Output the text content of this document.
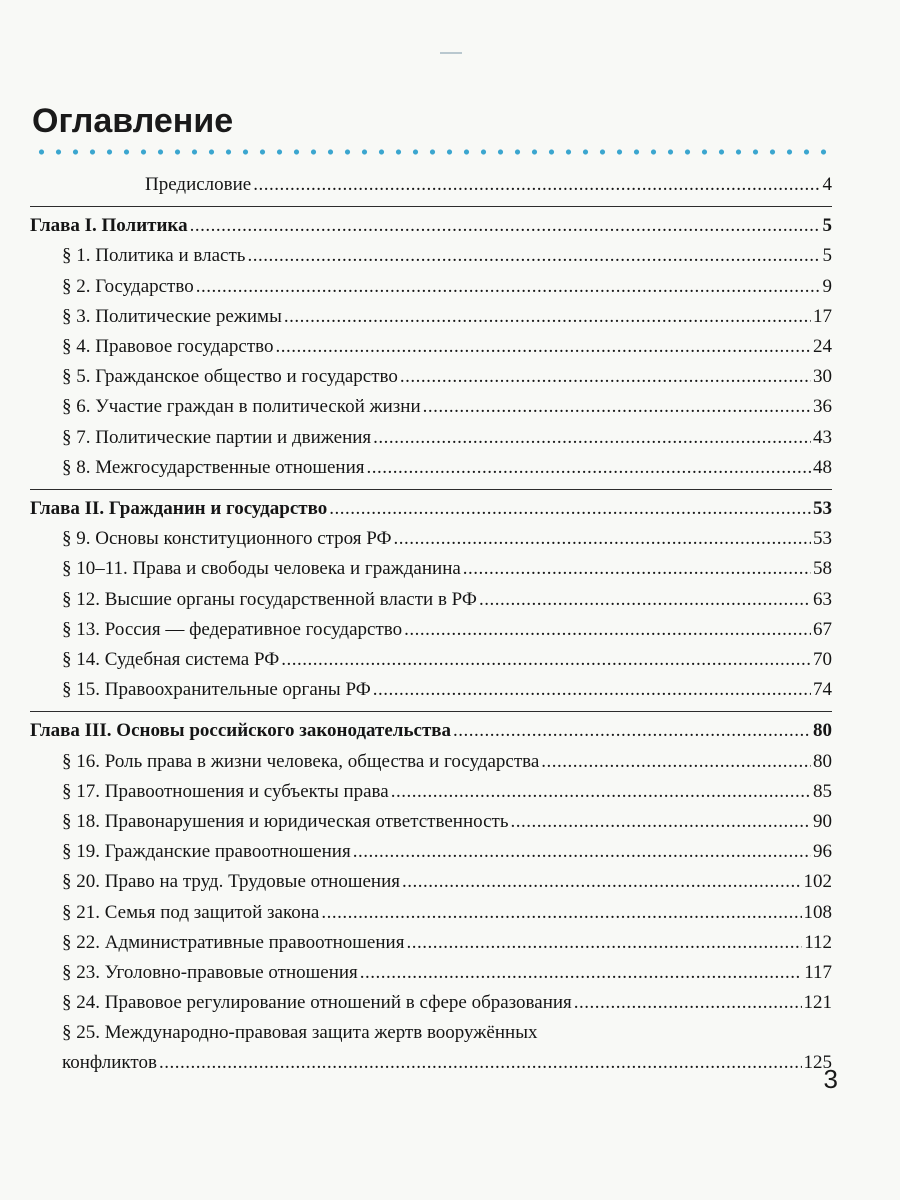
Оглавление
Предисловие .....	4
Глава I. Политика .....	5
§ 1. Политика и власть .....	5
§ 2. Государство .....	9
§ 3. Политические режимы .....	17
§ 4. Правовое государство .....	24
§ 5. Гражданское общество и государство .....	30
§ 6. Участие граждан в политической жизни .....	36
§ 7. Политические партии и движения .....	43
§ 8. Межгосударственные отношения .....	48
Глава II. Гражданин и государство .....	53
§ 9. Основы конституционного строя РФ .....	53
§ 10–11. Права и свободы человека и гражданина .....	58
§ 12. Высшие органы государственной власти в РФ .....	63
§ 13. Россия — федеративное государство .....	67
§ 14. Судебная система РФ .....	70
§ 15. Правоохранительные органы РФ .....	74
Глава III. Основы российского законодательства .....	80
§ 16. Роль права в жизни человека, общества и государства .....	80
§ 17. Правоотношения и субъекты права .....	85
§ 18. Правонарушения и юридическая ответственность .....	90
§ 19. Гражданские правоотношения .....	96
§ 20. Право на труд. Трудовые отношения .....	102
§ 21. Семья под защитой закона .....	108
§ 22. Административные правоотношения .....	112
§ 23. Уголовно-правовые отношения .....	117
§ 24. Правовое регулирование отношений в сфере образования .....	121
§ 25. Международно-правовая защита жертв вооружённых
конфликтов .....	125
3
